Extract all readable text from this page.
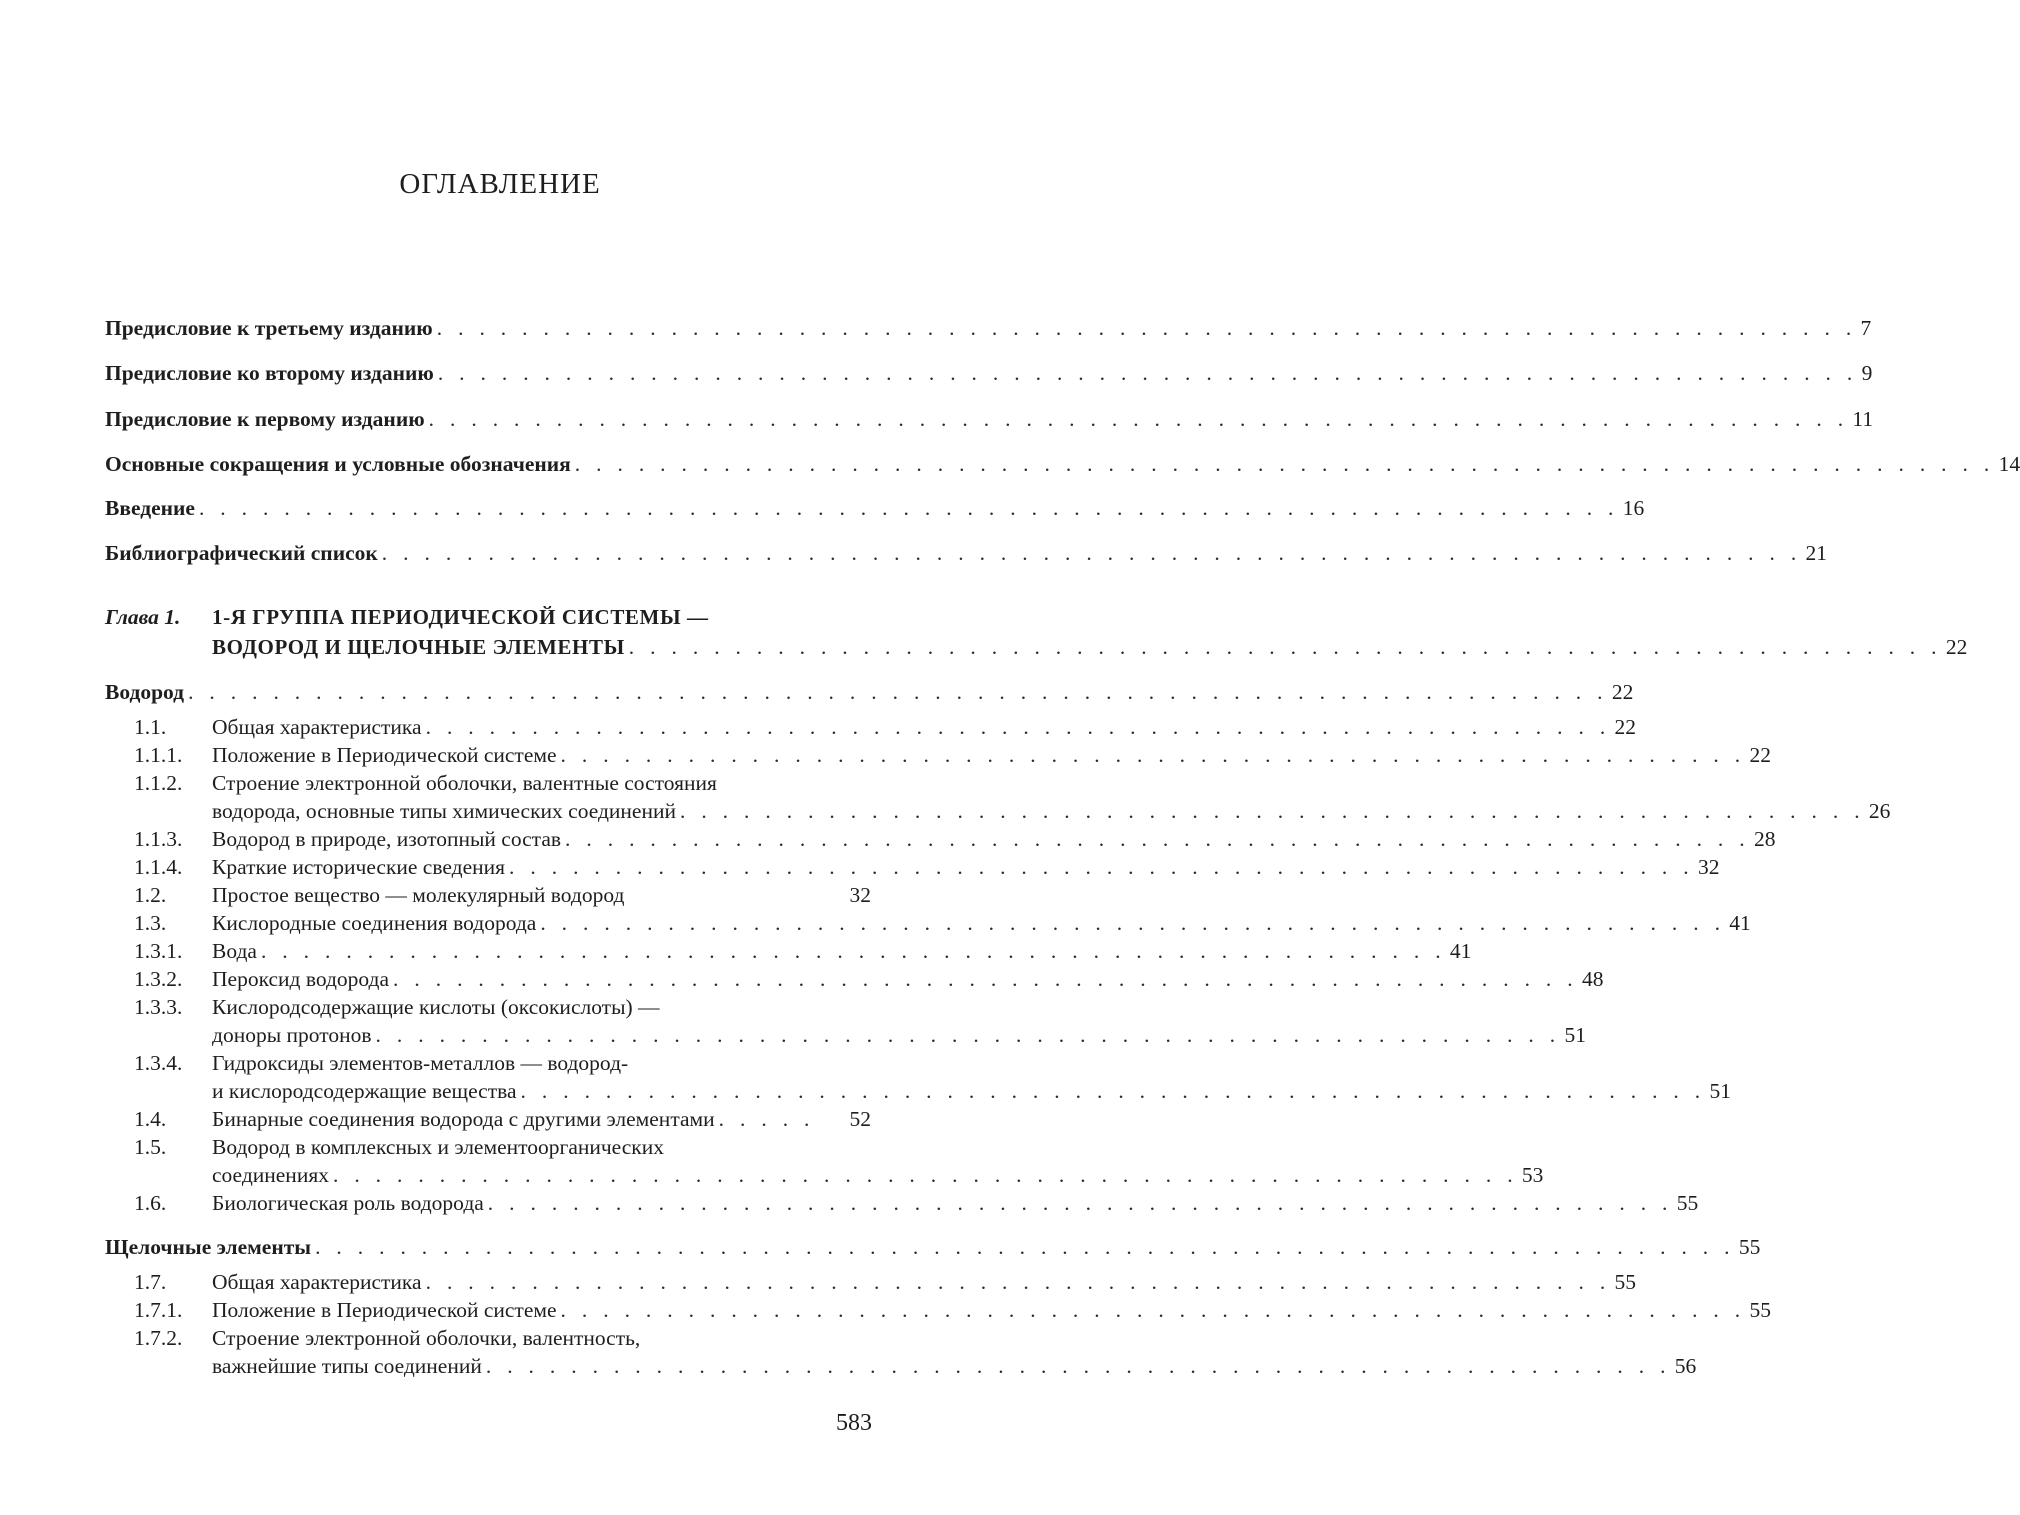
ОГЛАВЛЕНИЕ
Предисловие к третьему изданию . . . . . . . . . . . . . . . . . . . . . . . . . . . . . . . . . . . . . . . . . . . . . . . . . . . . . . . . . . . . . . . . . . . 7
Предисловие ко второму изданию . . . . . . . . . . . . . . . . . . . . . . . . . . . . . . . . . . . . . . . . . . . . . . . . . . . . . . . . . . . . . . . . . . . 9
Предисловие к первому изданию . . . . . . . . . . . . . . . . . . . . . . . . . . . . . . . . . . . . . . . . . . . . . . . . . . . . . . . . . . . . . . . . . . . 11
Основные сокращения и условные обозначения . . . . . . . . . . . . . . . . . . . . . . . . . . . . . . . . . . . . . . . . . . . . . . . . . . . . . . . . . . . . . . . . . . . 14
Введение . . . . . . . . . . . . . . . . . . . . . . . . . . . . . . . . . . . . . . . . . . . . . . . . . . . . . . . . . . . . . . . . . . . 16
Библиографический список . . . . . . . . . . . . . . . . . . . . . . . . . . . . . . . . . . . . . . . . . . . . . . . . . . . . . . . . . . . . . . . . . . . 21
Глава 1. 1-Я ГРУППА ПЕРИОДИЧЕСКОЙ СИСТЕМЫ —
ВОДОРОД И ЩЕЛОЧНЫЕ ЭЛЕМЕНТЫ . . . . . . . . . . . . . . . . . . . . . . . . . . . . . . . . . . . . . . . . . . . . . . . . . . . . . . . . . . . . . . 22
Водород . . . . . . . . . . . . . . . . . . . . . . . . . . . . . . . . . . . . . . . . . . . . . . . . . . . . . . . . . . . . . . . . . . . 22
1.1. Общая характеристика . . . . . . . . . . . . . . . . . . . . . . . . . . . . . . . . . . . . . . . . . . . . . . . . . . . . . . . . 22
1.1.1. Положение в Периодической системе . . . . . . . . . . . . . . . . . . . . . . . . . . . . . . . . . . . . . . . . . . . . . . . . . . . . . . . . 22
1.1.2. Строение электронной оболочки, валентные состояния
водорода, основные типы химических соединений . . . . . . . . . . . . . . . . . . . . . . . . . . . . . . . . . . . . . . . . . . . . . . . . . . . . . . . . 26
1.1.3. Водород в природе, изотопный состав . . . . . . . . . . . . . . . . . . . . . . . . . . . . . . . . . . . . . . . . . . . . . . . . . . . . . . . . 28
1.1.4. Краткие исторические сведения . . . . . . . . . . . . . . . . . . . . . . . . . . . . . . . . . . . . . . . . . . . . . . . . . . . . . . . . 32
1.2. Простое вещество — молекулярный водород
	32
1.3. Кислородные соединения водорода . . . . . . . . . . . . . . . . . . . . . . . . . . . . . . . . . . . . . . . . . . . . . . . . . . . . . . . . 41
1.3.1. Вода . . . . . . . . . . . . . . . . . . . . . . . . . . . . . . . . . . . . . . . . . . . . . . . . . . . . . . . . 41
1.3.2. Пероксид водорода . . . . . . . . . . . . . . . . . . . . . . . . . . . . . . . . . . . . . . . . . . . . . . . . . . . . . . . . 48
1.3.3. Кислородсодержащие кислоты (оксокислоты) —
доноры протонов . . . . . . . . . . . . . . . . . . . . . . . . . . . . . . . . . . . . . . . . . . . . . . . . . . . . . . . . 51
1.3.4. Гидроксиды элементов-металлов — водород-
и кислородсодержащие вещества . . . . . . . . . . . . . . . . . . . . . . . . . . . . . . . . . . . . . . . . . . . . . . . . . . . . . . . . 51
1.4. Бинарные соединения водорода с другими элементами . . . . .	52
1.5. Водород в комплексных и элементоорганических
соединениях . . . . . . . . . . . . . . . . . . . . . . . . . . . . . . . . . . . . . . . . . . . . . . . . . . . . . . . . 53
1.6. Биологическая роль водорода . . . . . . . . . . . . . . . . . . . . . . . . . . . . . . . . . . . . . . . . . . . . . . . . . . . . . . . . 55
Щелочные элементы . . . . . . . . . . . . . . . . . . . . . . . . . . . . . . . . . . . . . . . . . . . . . . . . . . . . . . . . . . . . . . . . . . . 55
1.7. Общая характеристика . . . . . . . . . . . . . . . . . . . . . . . . . . . . . . . . . . . . . . . . . . . . . . . . . . . . . . . . 55
1.7.1. Положение в Периодической системе . . . . . . . . . . . . . . . . . . . . . . . . . . . . . . . . . . . . . . . . . . . . . . . . . . . . . . . . 55
1.7.2. Строение электронной оболочки, валентность,
важнейшие типы соединений . . . . . . . . . . . . . . . . . . . . . . . . . . . . . . . . . . . . . . . . . . . . . . . . . . . . . . . . 56
583
